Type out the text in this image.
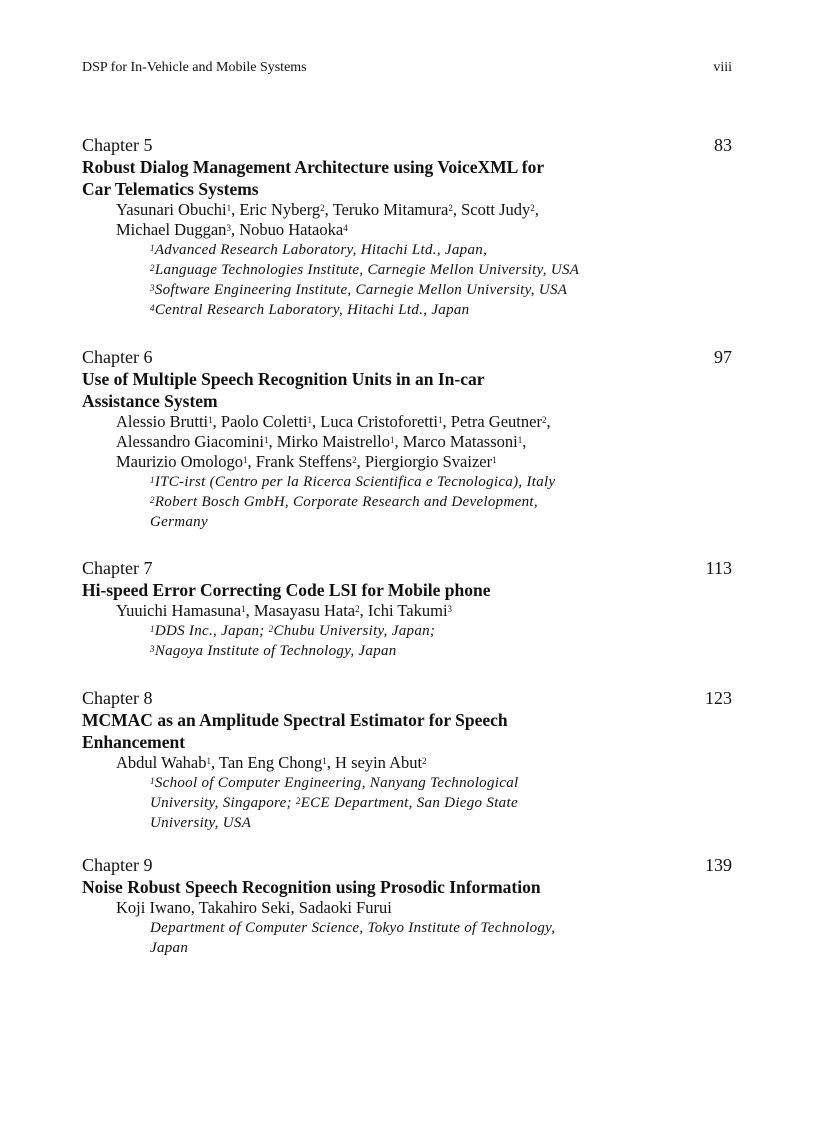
DSP for In-Vehicle and Mobile Systems	viii
Chapter 5	83
Robust Dialog Management Architecture using VoiceXML for
Car Telematics Systems
Yasunari Obuchi$^1$, Eric Nyberg$^2$, Teruko Mitamura$^2$, Scott Judy$^2$,
Michael Duggan$^3$, Nobuo Hataoka$^4$
$^1$Advanced Research Laboratory, Hitachi Ltd., Japan,
$^2$Language Technologies Institute, Carnegie Mellon University, USA
$^3$Software Engineering Institute, Carnegie Mellon University, USA
$^4$Central Research Laboratory, Hitachi Ltd., Japan
Chapter 6	97
Use of Multiple Speech Recognition Units in an In-car
Assistance System
Alessio Brutti$^1$, Paolo Coletti$^1$, Luca Cristoforetti$^1$, Petra Geutner$^2$,
Alessandro Giacomini$^1$, Mirko Maistrello$^1$, Marco Matassoni$^1$,
Maurizio Omologo$^1$, Frank Steffens$^2$, Piergiorgio Svaizer$^1$
$^1$ITC-irst (Centro per la Ricerca Scientifica e Tecnologica), Italy
$^2$Robert Bosch GmbH, Corporate Research and Development,
Germany
Chapter 7	113
Hi-speed Error Correcting Code LSI for Mobile phone
Yuuichi Hamasuna$^1$, Masayasu Hata$^2$, Ichi Takumi$^3$
$^1$DDS Inc., Japan; $^2$Chubu University, Japan;
$^3$Nagoya Institute of Technology, Japan
Chapter 8	123
MCMAC as an Amplitude Spectral Estimator for Speech
Enhancement
Abdul Wahab$^1$, Tan Eng Chong$^1$, H seyin Abut$^2$
$^1$School of Computer Engineering, Nanyang Technological
University, Singapore; $^2$ECE Department, San Diego State
University, USA
Chapter 9	139
Noise Robust Speech Recognition using Prosodic Information
Koji Iwano, Takahiro Seki, Sadaoki Furui
Department of Computer Science, Tokyo Institute of Technology,
Japan
